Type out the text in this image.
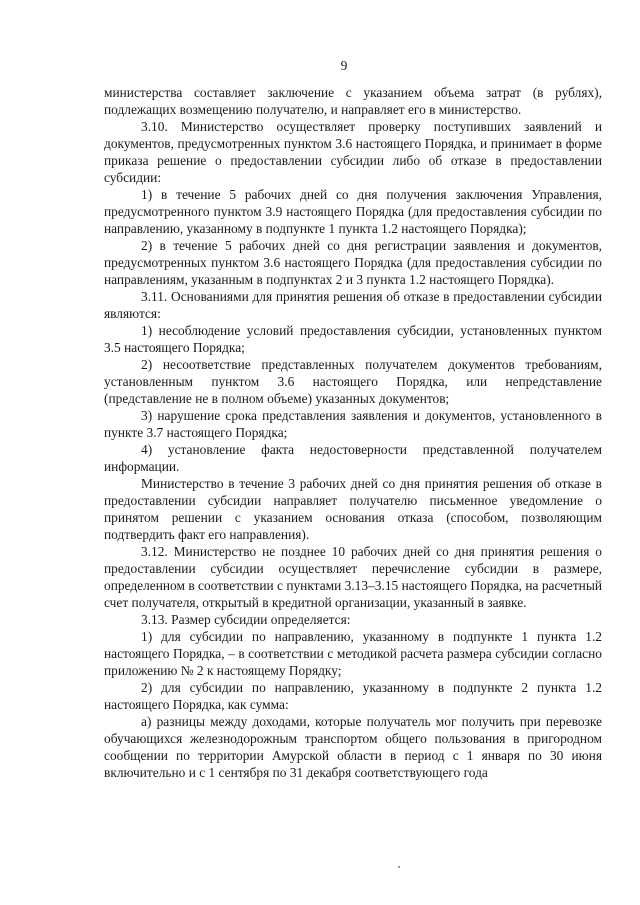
9

министерства составляет заключение с указанием объема затрат (в рублях), подлежащих возмещению получателю, и направляет его в министерство.

3.10. Министерство осуществляет проверку поступивших заявлений и документов, предусмотренных пунктом 3.6 настоящего Порядка, и принимает в форме приказа решение о предоставлении субсидии либо об отказе в предоставлении субсидии:

1) в течение 5 рабочих дней со дня получения заключения Управления, предусмотренного пунктом 3.9 настоящего Порядка (для предоставления субсидии по направлению, указанному в подпункте 1 пункта 1.2 настоящего Порядка);

2) в течение 5 рабочих дней со дня регистрации заявления и документов, предусмотренных пунктом 3.6 настоящего Порядка (для предоставления субсидии по направлениям, указанным в подпунктах 2 и 3 пункта 1.2 настоящего Порядка).

3.11. Основаниями для принятия решения об отказе в предоставлении субсидии являются:

1) несоблюдение условий предоставления субсидии, установленных пунктом 3.5 настоящего Порядка;

2) несоответствие представленных получателем документов требованиям, установленным пунктом 3.6 настоящего Порядка, или непредставление (представление не в полном объеме) указанных документов;

3) нарушение срока представления заявления и документов, установленного в пункте 3.7 настоящего Порядка;

4) установление факта недостоверности представленной получателем информации.

Министерство в течение 3 рабочих дней со дня принятия решения об отказе в предоставлении субсидии направляет получателю письменное уведомление о принятом решении с указанием основания отказа (способом, позволяющим подтвердить факт его направления).

3.12. Министерство не позднее 10 рабочих дней со дня принятия решения о предоставлении субсидии осуществляет перечисление субсидии в размере, определенном в соответствии с пунктами 3.13–3.15 настоящего Порядка, на расчетный счет получателя, открытый в кредитной организации, указанный в заявке.

3.13. Размер субсидии определяется:

1) для субсидии по направлению, указанному в подпункте 1 пункта 1.2 настоящего Порядка, – в соответствии с методикой расчета размера субсидии согласно приложению № 2 к настоящему Порядку;

2) для субсидии по направлению, указанному в подпункте 2 пункта 1.2 настоящего Порядка, как сумма:

а) разницы между доходами, которые получатель мог получить при перевозке обучающихся железнодорожным транспортом общего пользования в пригородном сообщении по территории Амурской области в период с 1 января по 30 июня включительно и с 1 сентября по 31 декабря соответствующего года
